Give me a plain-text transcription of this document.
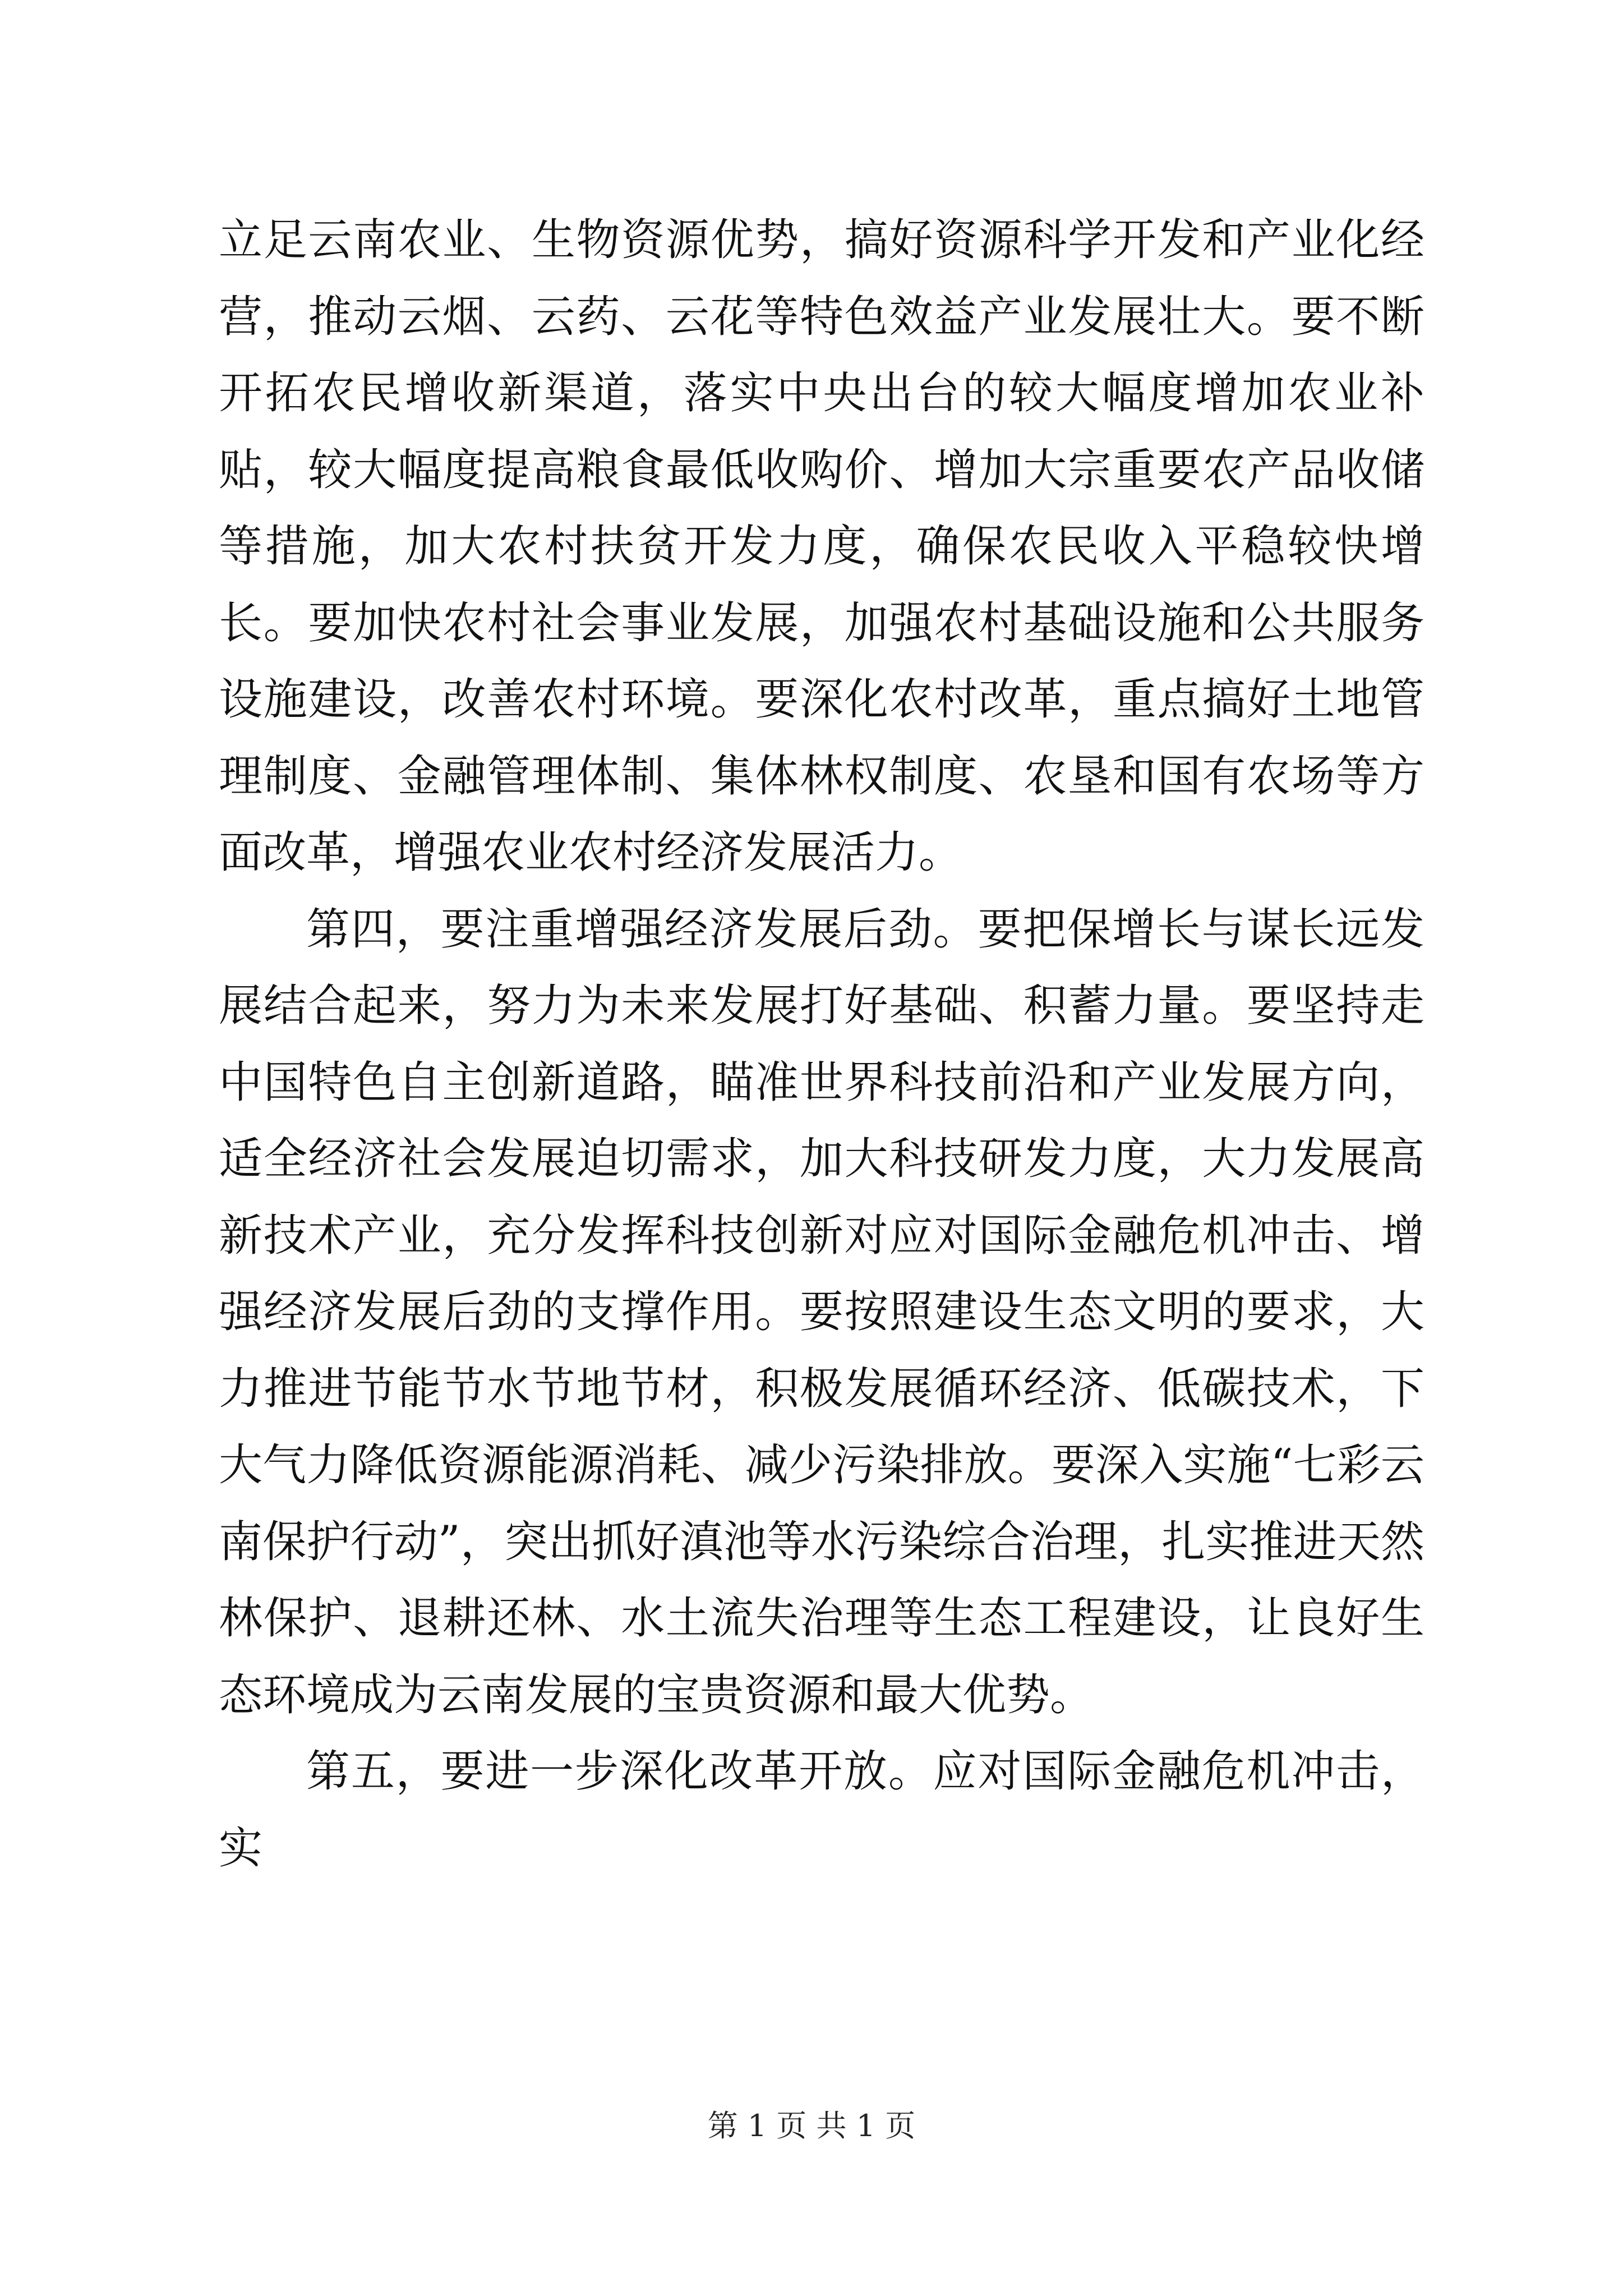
立足云南农业、生物资源优势，搞好资源科学开发和产业化经营，推动云烟、云药、云花等特色效益产业发展壮大。要不断开拓农民增收新渠道，落实中央出台的较大幅度增加农业补贴，较大幅度提高粮食最低收购价、增加大宗重要农产品收储等措施，加大农村扶贫开发力度，确保农民收入平稳较快增长。要加快农村社会事业发展，加强农村基础设施和公共服务设施建设，改善农村环境。要深化农村改革，重点搞好土地管理制度、金融管理体制、集体林权制度、农垦和国有农场等方面改革，增强农业农村经济发展活力。

第四，要注重增强经济发展后劲。要把保增长与谋长远发展结合起来，努力为未来发展打好基础、积蓄力量。要坚持走中国特色自主创新道路，瞄准世界科技前沿和产业发展方向，适全经济社会发展迫切需求，加大科技研发力度，大力发展高新技术产业，充分发挥科技创新对应对国际金融危机冲击、增强经济发展后劲的支撑作用。要按照建设生态文明的要求，大力推进节能节水节地节材，积极发展循环经济、低碳技术，下大气力降低资源能源消耗、减少污染排放。要深入实施“七彩云南保护行动”，突出抓好滇池等水污染综合治理，扎实推进天然林保护、退耕还林、水土流失治理等生态工程建设，让良好生态环境成为云南发展的宝贵资源和最大优势。

第五，要进一步深化改革开放。应对国际金融危机冲击，实

第 1 页 共 1 页
